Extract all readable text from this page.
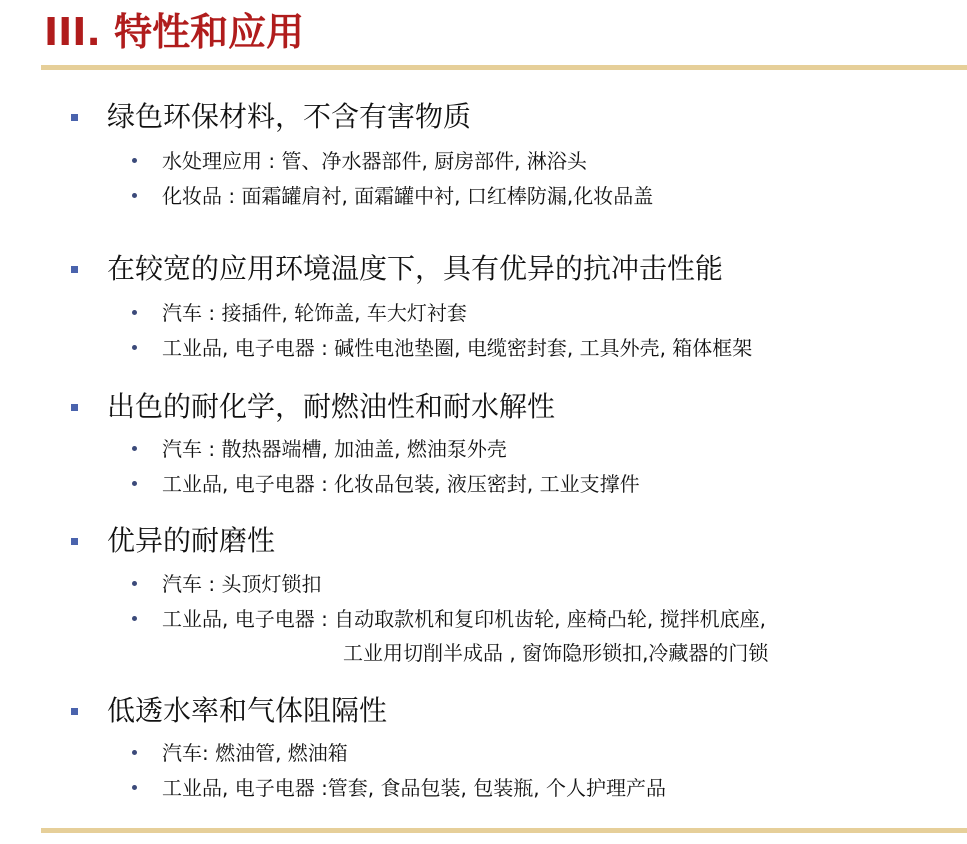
III. 特性和应用
绿色环保材料，不含有害物质
水处理应用 : 管、净水器部件, 厨房部件, 淋浴头
化妆品 : 面霜罐肩衬, 面霜罐中衬, 口红棒防漏,化妆品盖
在较宽的应用环境温度下，具有优异的抗冲击性能
汽车 : 接插件, 轮饰盖, 车大灯衬套
工业品, 电子电器 : 碱性电池垫圈, 电缆密封套, 工具外壳, 箱体框架
出色的耐化学，耐燃油性和耐水解性
汽车 : 散热器端槽, 加油盖, 燃油泵外壳
工业品, 电子电器 : 化妆品包装, 液压密封, 工业支撑件
优异的耐磨性
汽车 : 头顶灯锁扣
工业品, 电子电器 : 自动取款机和复印机齿轮, 座椅凸轮, 搅拌机底座,
工业用切削半成品 , 窗饰隐形锁扣,冷藏器的门锁
低透水率和气体阻隔性
汽车: 燃油管, 燃油箱
工业品, 电子电器 :管套, 食品包装, 包装瓶, 个人护理产品
